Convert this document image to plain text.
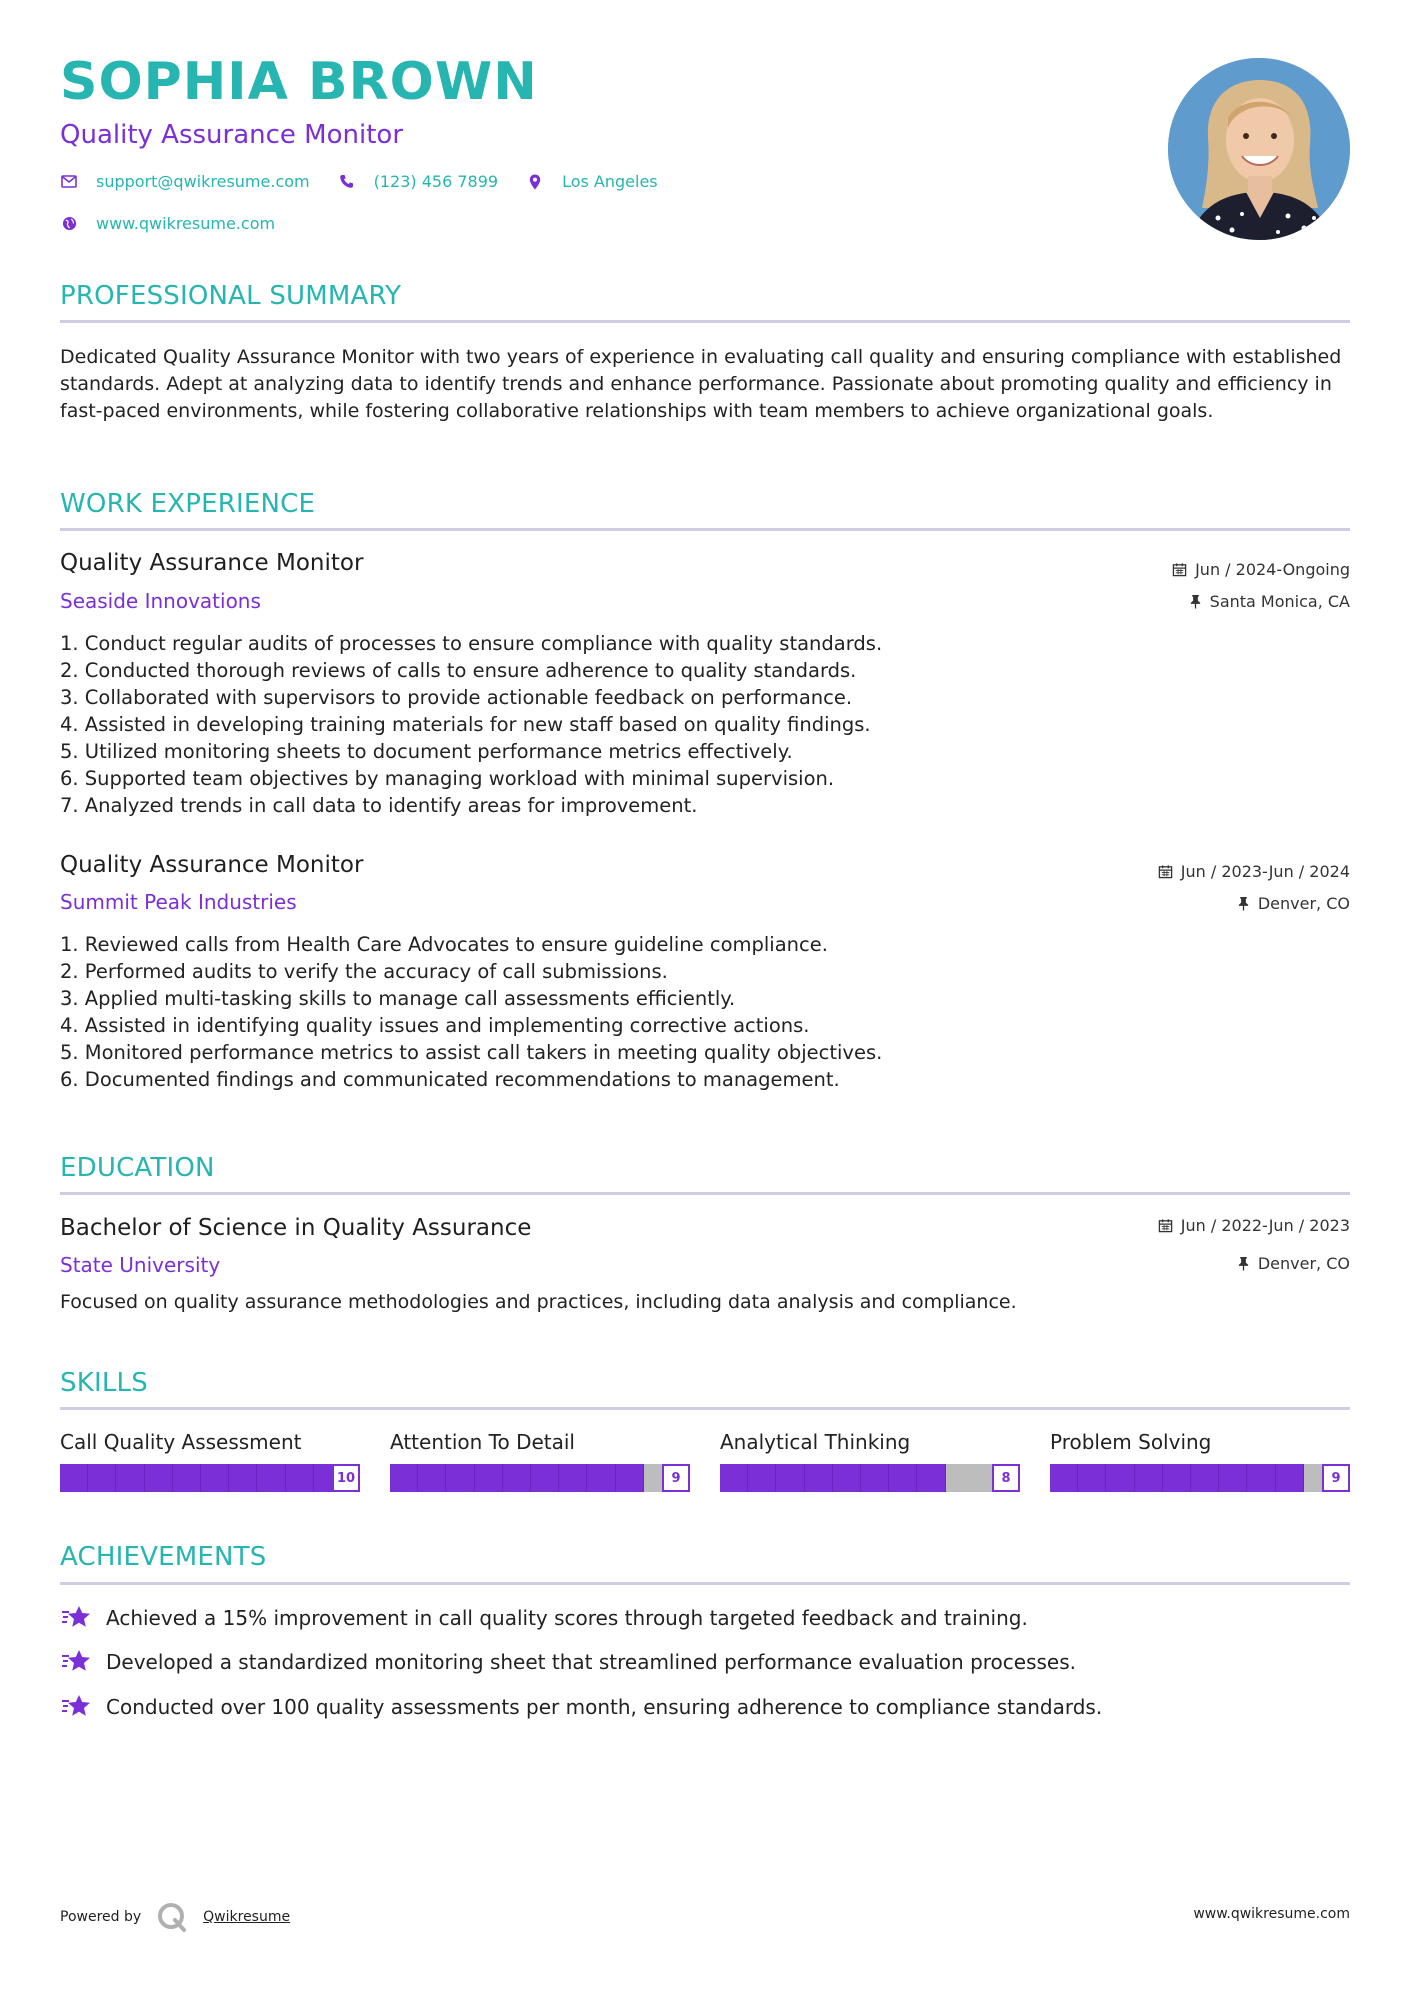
SOPHIA BROWN
Quality Assurance Monitor
support@qwikresume.com	(123) 456 7899	Los Angeles
www.qwikresume.com
PROFESSIONAL SUMMARY
Dedicated Quality Assurance Monitor with two years of experience in evaluating call quality and ensuring compliance with established standards. Adept at analyzing data to identify trends and enhance performance. Passionate about promoting quality and efficiency in fast-paced environments, while fostering collaborative relationships with team members to achieve organizational goals.
WORK EXPERIENCE
Quality Assurance Monitor
Seaside Innovations
Jun / 2024-Ongoing
Santa Monica, CA
1. Conduct regular audits of processes to ensure compliance with quality standards.
2. Conducted thorough reviews of calls to ensure adherence to quality standards.
3. Collaborated with supervisors to provide actionable feedback on performance.
4. Assisted in developing training materials for new staff based on quality findings.
5. Utilized monitoring sheets to document performance metrics effectively.
6. Supported team objectives by managing workload with minimal supervision.
7. Analyzed trends in call data to identify areas for improvement.
Quality Assurance Monitor
Summit Peak Industries
Jun / 2023-Jun / 2024
Denver, CO
1. Reviewed calls from Health Care Advocates to ensure guideline compliance.
2. Performed audits to verify the accuracy of call submissions.
3. Applied multi-tasking skills to manage call assessments efficiently.
4. Assisted in identifying quality issues and implementing corrective actions.
5. Monitored performance metrics to assist call takers in meeting quality objectives.
6. Documented findings and communicated recommendations to management.
EDUCATION
Bachelor of Science in Quality Assurance
State University
Jun / 2022-Jun / 2023
Denver, CO
Focused on quality assurance methodologies and practices, including data analysis and compliance.
SKILLS
Call Quality Assessment
10
Attention To Detail
9
Analytical Thinking
8
Problem Solving
9
ACHIEVEMENTS
Achieved a 15% improvement in call quality scores through targeted feedback and training.
Developed a standardized monitoring sheet that streamlined performance evaluation processes.
Conducted over 100 quality assessments per month, ensuring adherence to compliance standards.
Powered by	Qwikresume	www.qwikresume.com
